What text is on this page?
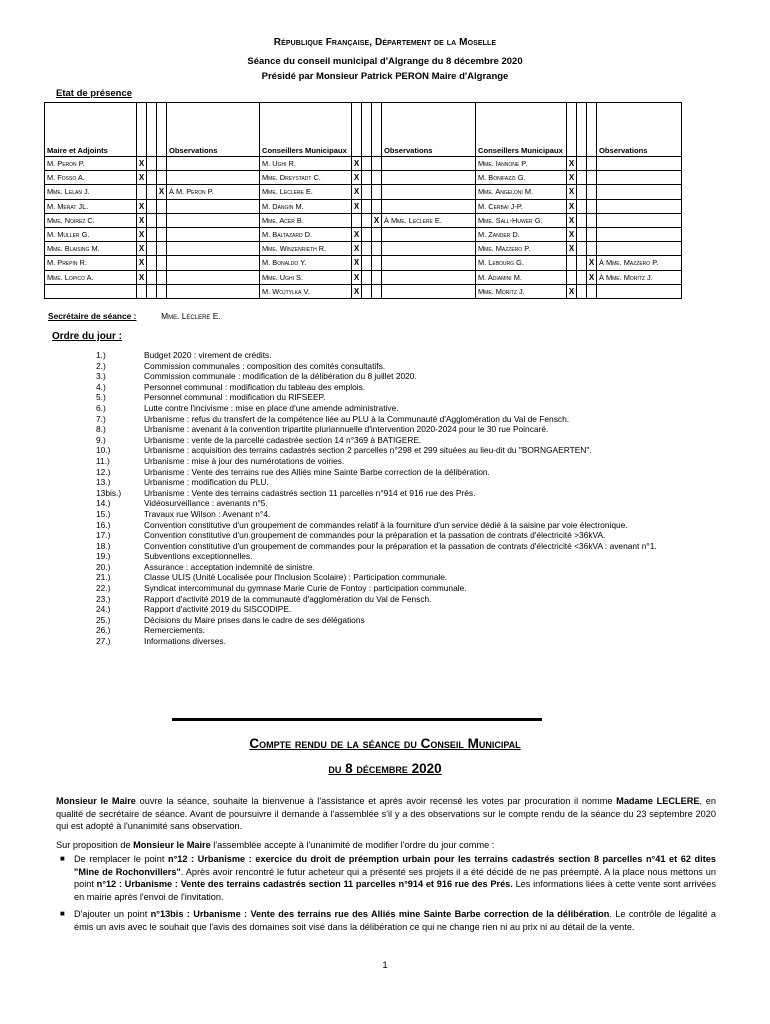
République Française, Département de la Moselle
Séance du conseil municipal d'Algrange du 8 décembre 2020
Présidé par Monsieur Patrick PERON Maire d'Algrange
Etat de présence
Maire et Adjoints				Observations	Conseillers Municipaux				Observations	Conseillers Municipaux				Observations
M. Peron P.	X				M. Ughi R.	X				Mme. Iannone P.	X			
M. Fosso A.	X				Mme. Dreystadt C.	X				M. Bonifazzi G.	X			
Mme. Lelan J.			X	À M. Peron P.	Mme. Leclere E.	X				Mme. Angeloni M.	X			
M. Merat JL.	X				M. Dangin M.	X				M. Cerbai J-P.	X			
Mme. Noirez C.	X				Mme. Acer B.			X	À Mme. Leclere E.	Mme. Sall-Huwer G.	X			
M. Muller G.	X				M. Baltazard D.	X				M. Zander D.	X			
Mme. Blaising M.	X				Mme. Winzenrieth R.	X				Mme. Mazzero P.	X			
M. Prepin R.	X				M. Bonaldo Y.	X				M. Lebourg G.			X	À Mme. Mazzero P.
Mme. Lopico A.	X				Mme. Ughi S.	X				M. Adiamini M.			X	À Mme. Moritz J.
					M. Wojtylka V.	X				Mme. Moritz J.	X			
Secrétaire de séance :	Mme. Leclere E.
Ordre du jour :
1.)	Budget 2020 : virement de crédits.
2.)	Commission communales : composition des comités consultatifs.
3.)	Commission communale : modification de la délibération du 8 juillet 2020.
4.)	Personnel communal : modification du tableau des emplois.
5.)	Personnel communal : modification du RIFSEEP.
6.)	Lutte contre l'incivisme : mise en place d'une amende administrative.
7.)	Urbanisme : refus du transfert de la compétence liée au PLU à la Communauté d'Agglomération du Val de Fensch.
8.)	Urbanisme : avenant à la convention tripartite pluriannuelle d'intervention 2020-2024 pour le 30 rue Poincaré.
9.)	Urbanisme : vente de la parcelle cadastrée section 14 n°369 à BATIGERE.
10.)	Urbanisme : acquisition des terrains cadastrés section 2 parcelles n°298 et 299 situées au lieu-dit du "BORNGAERTEN".
11.)	Urbanisme : mise à jour des numérotations de voiries.
12.)	Urbanisme : Vente des terrains rue des Alliés mine Sainte Barbe correction de la délibération.
13.)	Urbanisme : modification du PLU.
13bis.)	Urbanisme : Vente des terrains cadastrés section 11 parcelles n°914 et 916 rue des Prés.
14.)	Vidéosurveillance : avenants n°5.
15.)	Travaux rue Wilson : Avenant n°4.
16.)	Convention constitutive d'un groupement de commandes relatif à la fourniture d'un service dédié à la saisine par voie électronique.
17.)	Convention constitutive d'un groupement de commandes pour la préparation et la passation de contrats d'électricité >36kVA.
18.)	Convention constitutive d'un groupement de commandes pour la préparation et la passation de contrats d'électricité <36kVA : avenant n°1.
19.)	Subventions exceptionnelles.
20.)	Assurance : acceptation indemnité de sinistre.
21.)	Classe ULIS (Unité Localisée pour l'Inclusion Scolaire) : Participation communale.
22.)	Syndicat intercommunal du gymnase Marie Curie de Fontoy : participation communale.
23.)	Rapport d'activité 2019 de la communauté d'agglomération du Val de Fensch.
24.)	Rapport d'activité 2019 du SISCODIPE.
25.)	Décisions du Maire prises dans le cadre de ses délégations
26.)	Remerciements.
27.)	Informations diverses.
Compte rendu de la séance du Conseil Municipal
du 8 décembre 2020
Monsieur le Maire ouvre la séance, souhaite la bienvenue à l'assistance et après avoir recensé les votes par procuration il nomme Madame LECLERE, en qualité de secrétaire de séance. Avant de poursuivre il demande à l'assemblée s'il y a des observations sur le compte rendu de la séance du 23 septembre 2020 qui est adopté à l'unanimité sans observation.
Sur proposition de Monsieur le Maire l'assemblée accepte à l'unanimité de modifier l'ordre du jour comme :
■ De remplacer le point n°12 : Urbanisme : exercice du droit de préemption urbain pour les terrains cadastrés section 8 parcelles n°41 et 62 dites "Mine de Rochonvillers". Après avoir rencontré le futur acheteur qui a présenté ses projets il a été décidé de ne pas préempté. A la place nous mettons un point n°12 : Urbanisme : Vente des terrains cadastrés section 11 parcelles n°914 et 916 rue des Prés. Les informations liées à cette vente sont arrivées en mairie après l'envoi de l'invitation.
■ D'ajouter un point n°13bis : Urbanisme : Vente des terrains rue des Alliés mine Sainte Barbe correction de la délibération. Le contrôle de légalité a émis un avis avec le souhait que l'avis des domaines soit visé dans la délibération ce qui ne change rien ni au prix ni au détail de la vente.
1
